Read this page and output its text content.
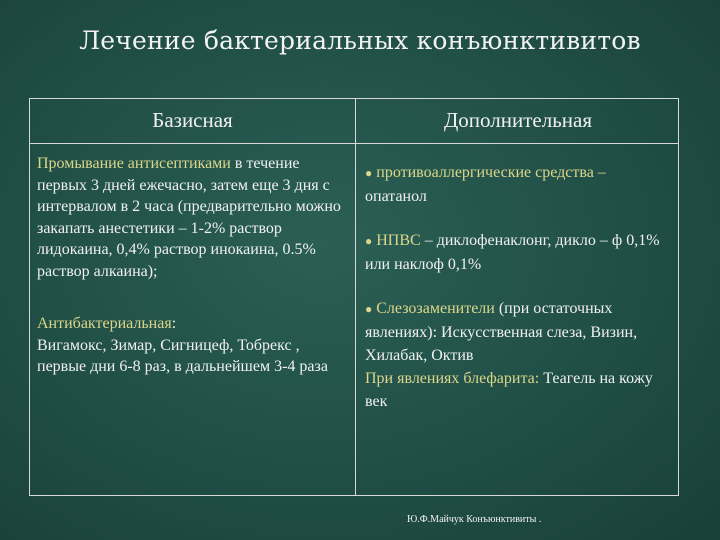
Лечение бактериальных конъюнктивитов
Базисная	Дополнительная

Промывание антисептиками в течение первых 3 дней ежечасно, затем еще 3 дня с интервалом в 2 часа (предварительно можно закапать анестетики – 1-2% раствор лидокаина, 0,4% раствор инокаина, 0.5% раствор алкаина);

Антибактериальная:
Вигамокс, Зимар, Сигницеф, Тобрекс , первые дни 6-8 раз, в дальнейшем 3-4 раза

● противоаллергические средства – опатанол

● НПВС – диклофенаклонг, дикло – ф 0,1% или наклоф 0,1%

● Слезозаменители (при остаточных явлениях): Искусственная слеза, Визин, Хилабак, Октив

При явлениях блефарита: Теагель на кожу век

Ю.Ф.Майчук Конъюнктивиты .
